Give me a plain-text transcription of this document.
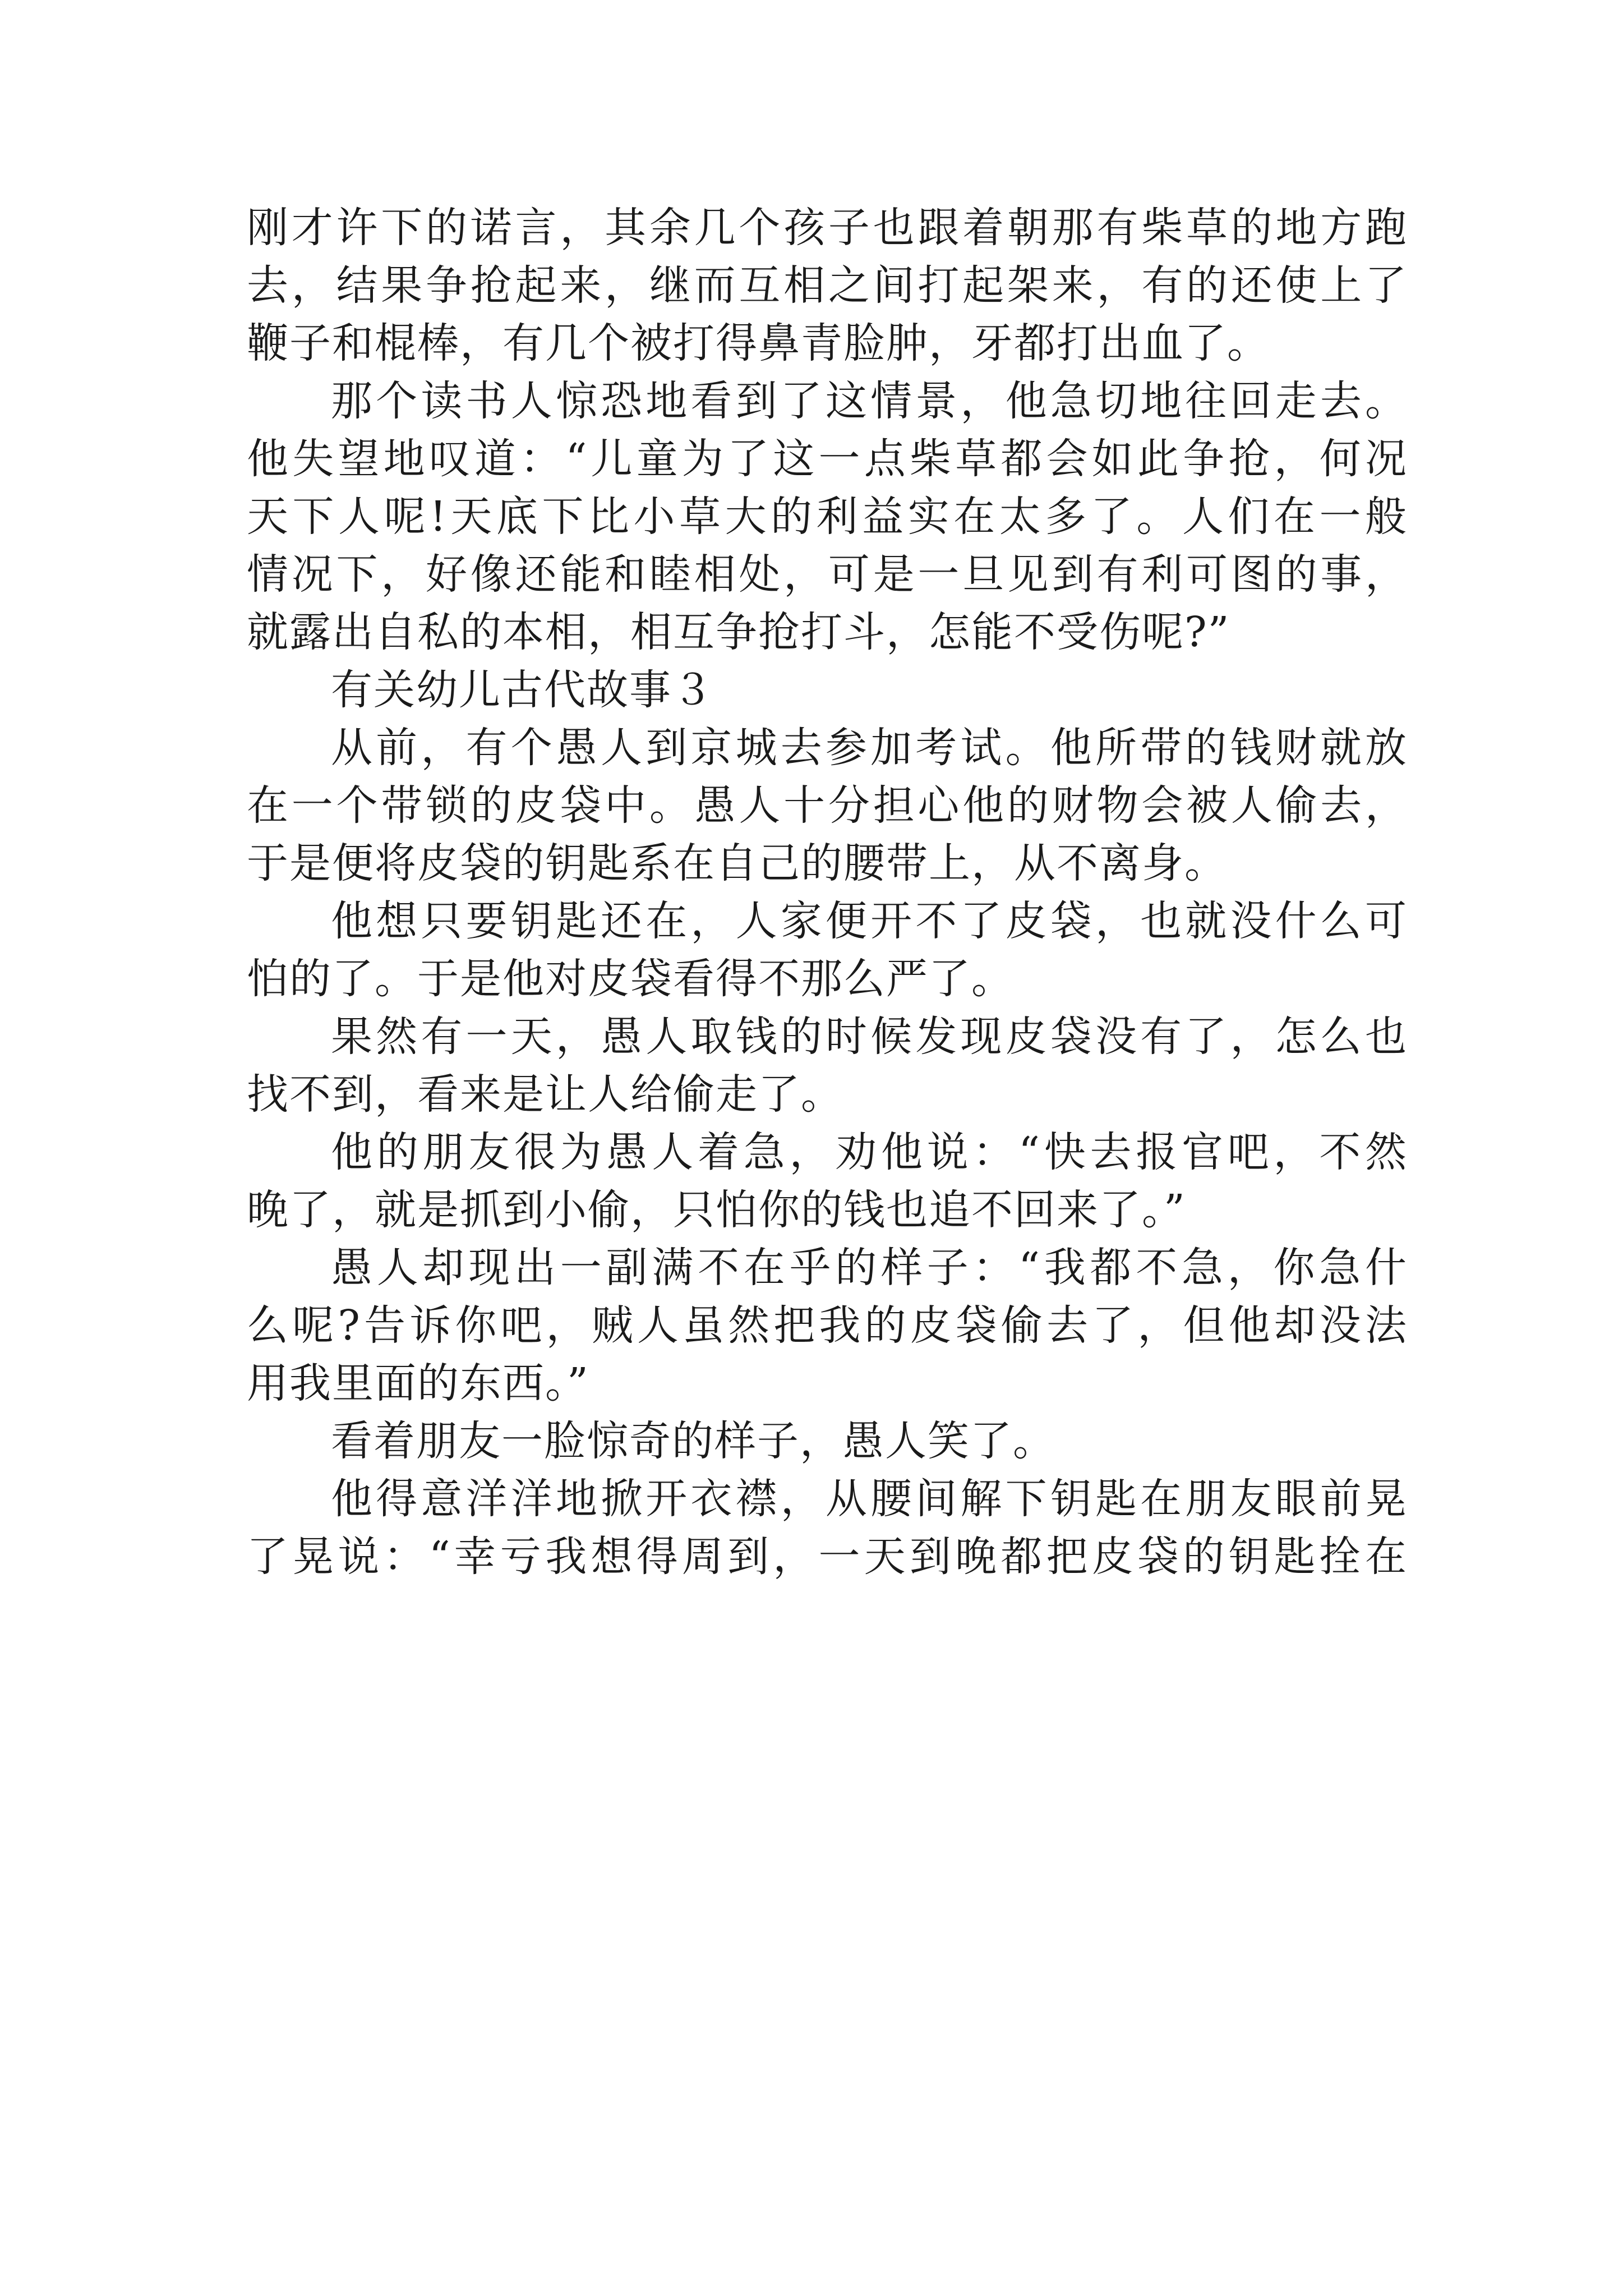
刚才许下的诺言，其余几个孩子也跟着朝那有柴草的地方跑
去，结果争抢起来，继而互相之间打起架来，有的还使上了
鞭子和棍棒，有几个被打得鼻青脸肿，牙都打出血了。
那个读书人惊恐地看到了这情景，他急切地往回走去。
他失望地叹道：“儿童为了这一点柴草都会如此争抢，何况
天下人呢!天底下比小草大的利益实在太多了。人们在一般
情况下，好像还能和睦相处，可是一旦见到有利可图的事，
就露出自私的本相，相互争抢打斗，怎能不受伤呢?”
有关幼儿古代故事３
从前，有个愚人到京城去参加考试。他所带的钱财就放
在一个带锁的皮袋中。愚人十分担心他的财物会被人偷去，
于是便将皮袋的钥匙系在自己的腰带上，从不离身。
他想只要钥匙还在，人家便开不了皮袋，也就没什么可
怕的了。于是他对皮袋看得不那么严了。
果然有一天，愚人取钱的时候发现皮袋没有了，怎么也
找不到，看来是让人给偷走了。
他的朋友很为愚人着急，劝他说：“快去报官吧，不然
晚了，就是抓到小偷，只怕你的钱也追不回来了。”
愚人却现出一副满不在乎的样子：“我都不急，你急什
么呢?告诉你吧，贼人虽然把我的皮袋偷去了，但他却没法
用我里面的东西。”
看着朋友一脸惊奇的样子，愚人笑了。
他得意洋洋地掀开衣襟，从腰间解下钥匙在朋友眼前晃
了晃说：“幸亏我想得周到，一天到晚都把皮袋的钥匙拴在
